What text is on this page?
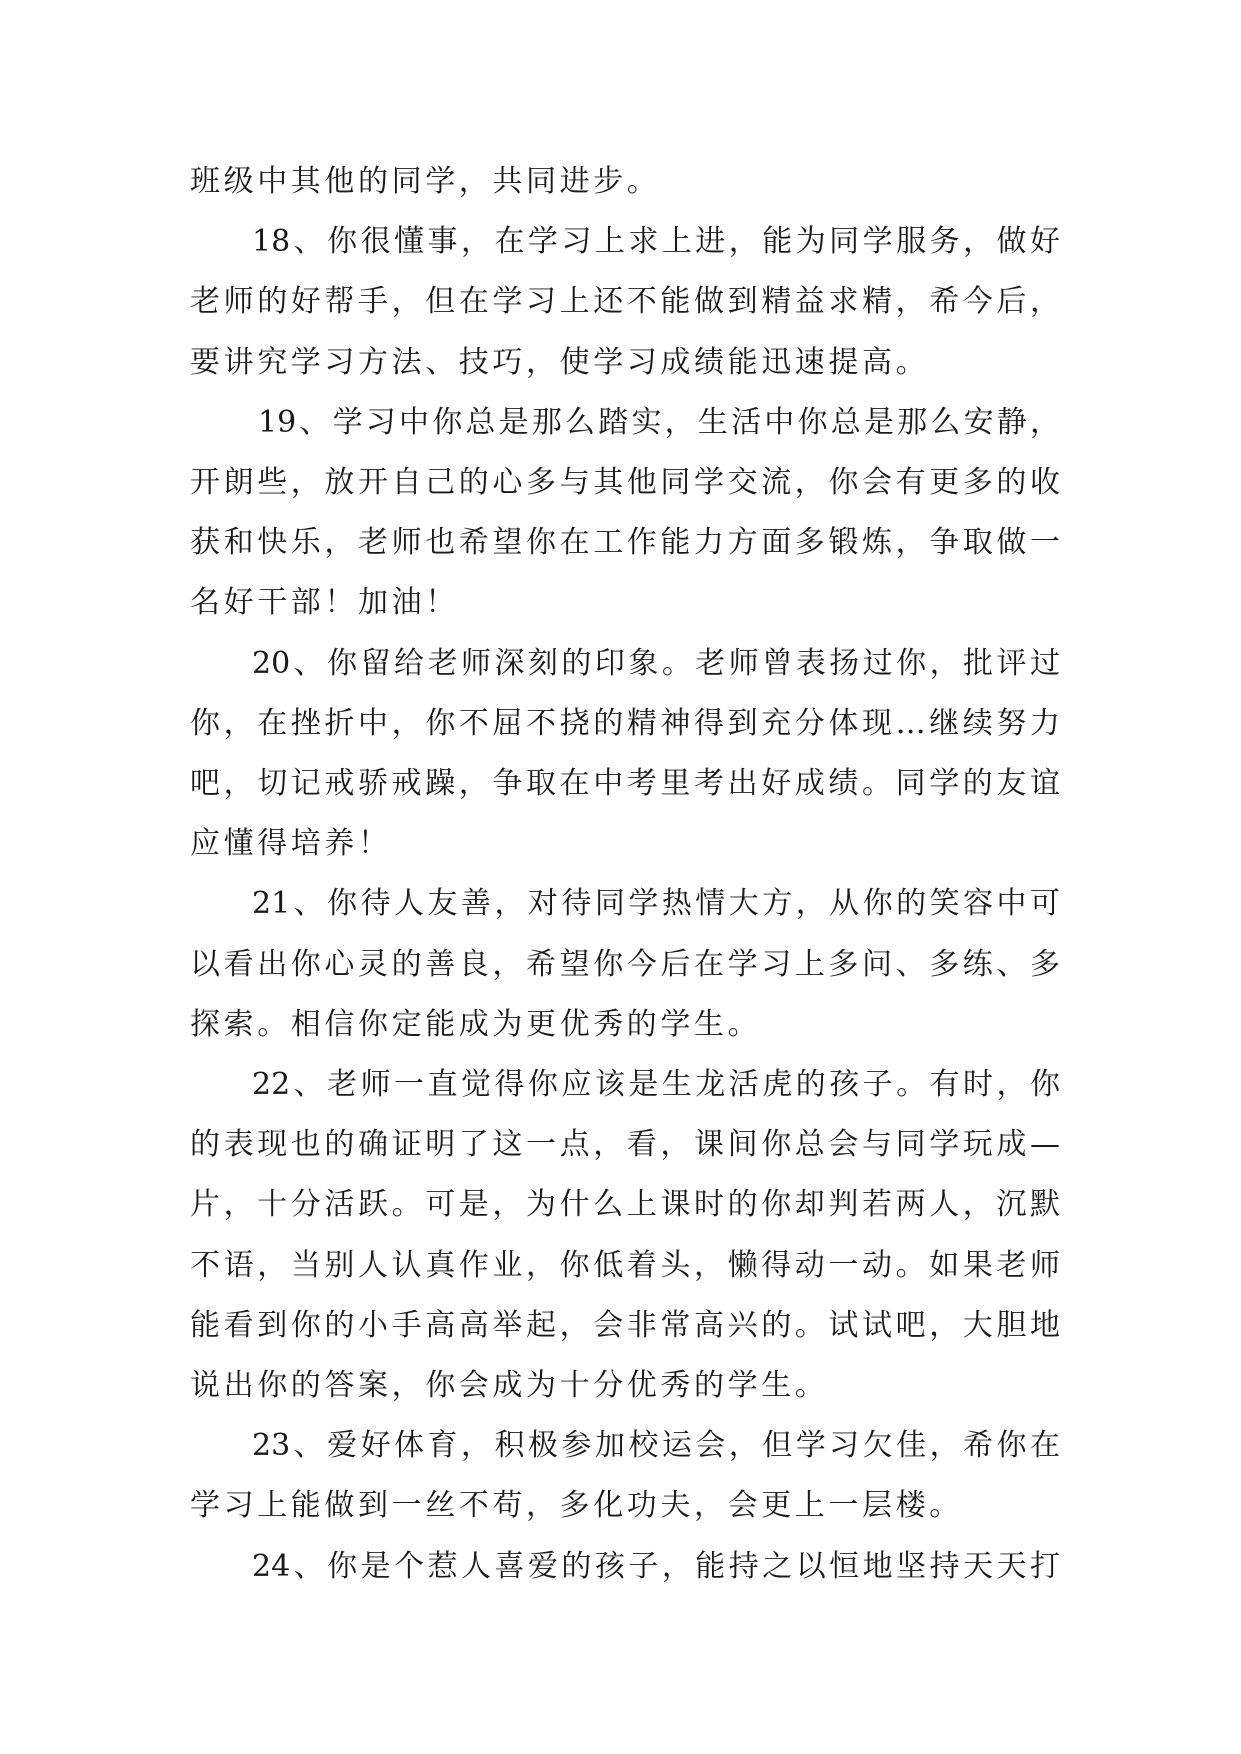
班级中其他的同学，共同进步。
18、你很懂事，在学习上求上进，能为同学服务，做好
老师的好帮手，但在学习上还不能做到精益求精，希今后，
要讲究学习方法、技巧，使学习成绩能迅速提高。
19、学习中你总是那么踏实，生活中你总是那么安静，
开朗些，放开自己的心多与其他同学交流，你会有更多的收
获和快乐，老师也希望你在工作能力方面多锻炼，争取做一
名好干部！加油！
20、你留给老师深刻的印象。老师曾表扬过你，批评过
你，在挫折中，你不屈不挠的精神得到充分体现…继续努力
吧，切记戒骄戒躁，争取在中考里考出好成绩。同学的友谊
应懂得培养！
21、你待人友善，对待同学热情大方，从你的笑容中可
以看出你心灵的善良，希望你今后在学习上多问、多练、多
探索。相信你定能成为更优秀的学生。
22、老师一直觉得你应该是生龙活虎的孩子。有时，你
的表现也的确证明了这一点，看，课间你总会与同学玩成—
片，十分活跃。可是，为什么上课时的你却判若两人，沉默
不语，当别人认真作业，你低着头，懒得动一动。如果老师
能看到你的小手高高举起，会非常高兴的。试试吧，大胆地
说出你的答案，你会成为十分优秀的学生。
23、爱好体育，积极参加校运会，但学习欠佳，希你在
学习上能做到一丝不苟，多化功夫，会更上一层楼。
24、你是个惹人喜爱的孩子，能持之以恒地坚持天天打
